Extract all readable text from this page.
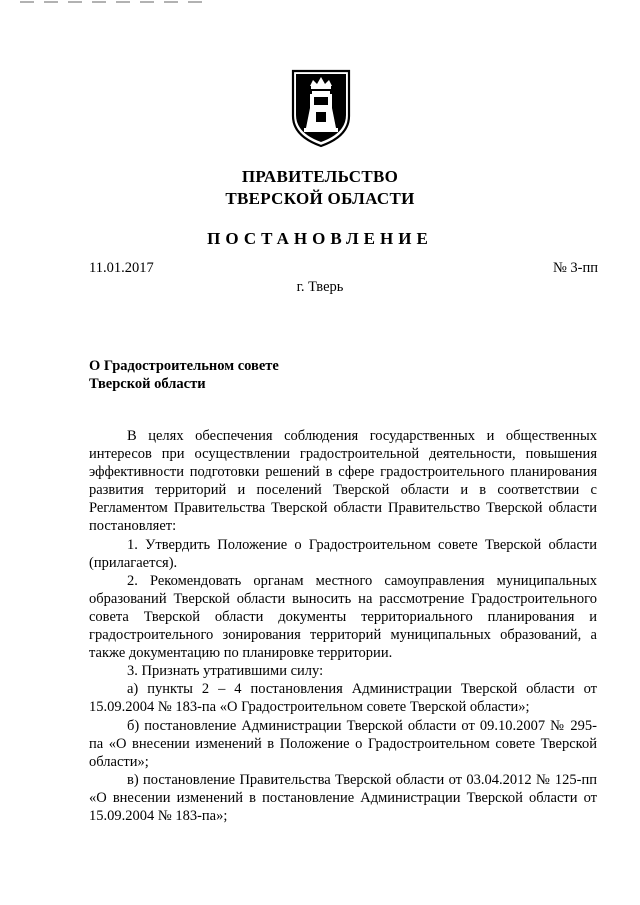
ПРАВИТЕЛЬСТВО
ТВЕРСКОЙ ОБЛАСТИ
ПОСТАНОВЛЕНИЕ
11.01.2017	№ 3-пп
г. Тверь
О Градостроительном совете
Тверской области

В целях обеспечения соблюдения государственных и общественных интересов при осуществлении градостроительной деятельности, повышения эффективности подготовки решений в сфере градостроительного планирования развития территорий и поселений Тверской области и в соответствии с Регламентом Правительства Тверской области Правительство Тверской области постановляет:

1. Утвердить Положение о Градостроительном совете Тверской области (прилагается).

2. Рекомендовать органам местного самоуправления муниципальных образований Тверской области выносить на рассмотрение Градостроительного совета Тверской области документы территориального планирования и градостроительного зонирования территорий муниципальных образований, а также документацию по планировке территории.

3. Признать утратившими силу:

а) пункты 2 – 4 постановления Администрации Тверской области от 15.09.2004 № 183-па «О Градостроительном совете Тверской области»;

б) постановление Администрации Тверской области от 09.10.2007 № 295-па «О внесении изменений в Положение о Градостроительном совете Тверской области»;

в) постановление Правительства Тверской области от 03.04.2012 № 125-пп «О внесении изменений в постановление Администрации Тверской области от 15.09.2004 № 183-па»;
